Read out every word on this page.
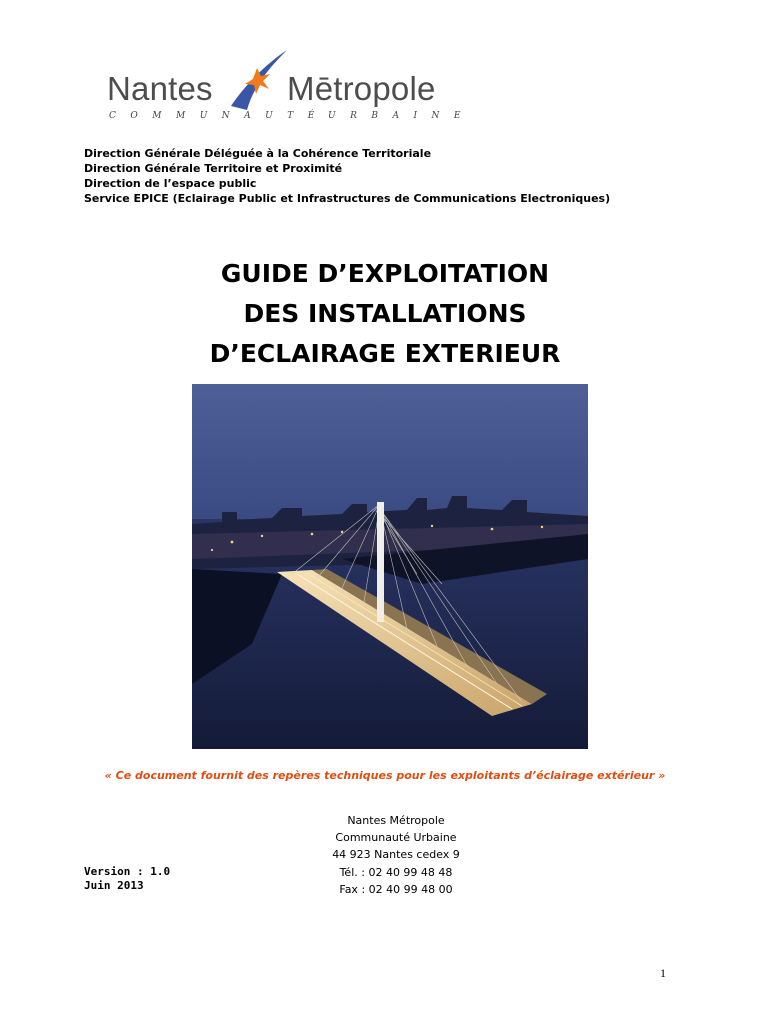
Nantes Mētropole
COMMUNAUTÉ URBAINE
Direction Générale Déléguée à la Cohérence Territoriale
Direction Générale Territoire et Proximité
Direction de l’espace public
Service EPICE (Eclairage Public et Infrastructures de Communications Electroniques)
GUIDE D’EXPLOITATION
DES INSTALLATIONS
D’ECLAIRAGE EXTERIEUR
« Ce document fournit des repères techniques pour les exploitants d’éclairage extérieur »
Nantes Métropole
Communauté Urbaine
44 923 Nantes cedex 9
Tél. : 02 40 99 48 48
Fax : 02 40 99 48 00
Version : 1.0
Juin 2013
1
